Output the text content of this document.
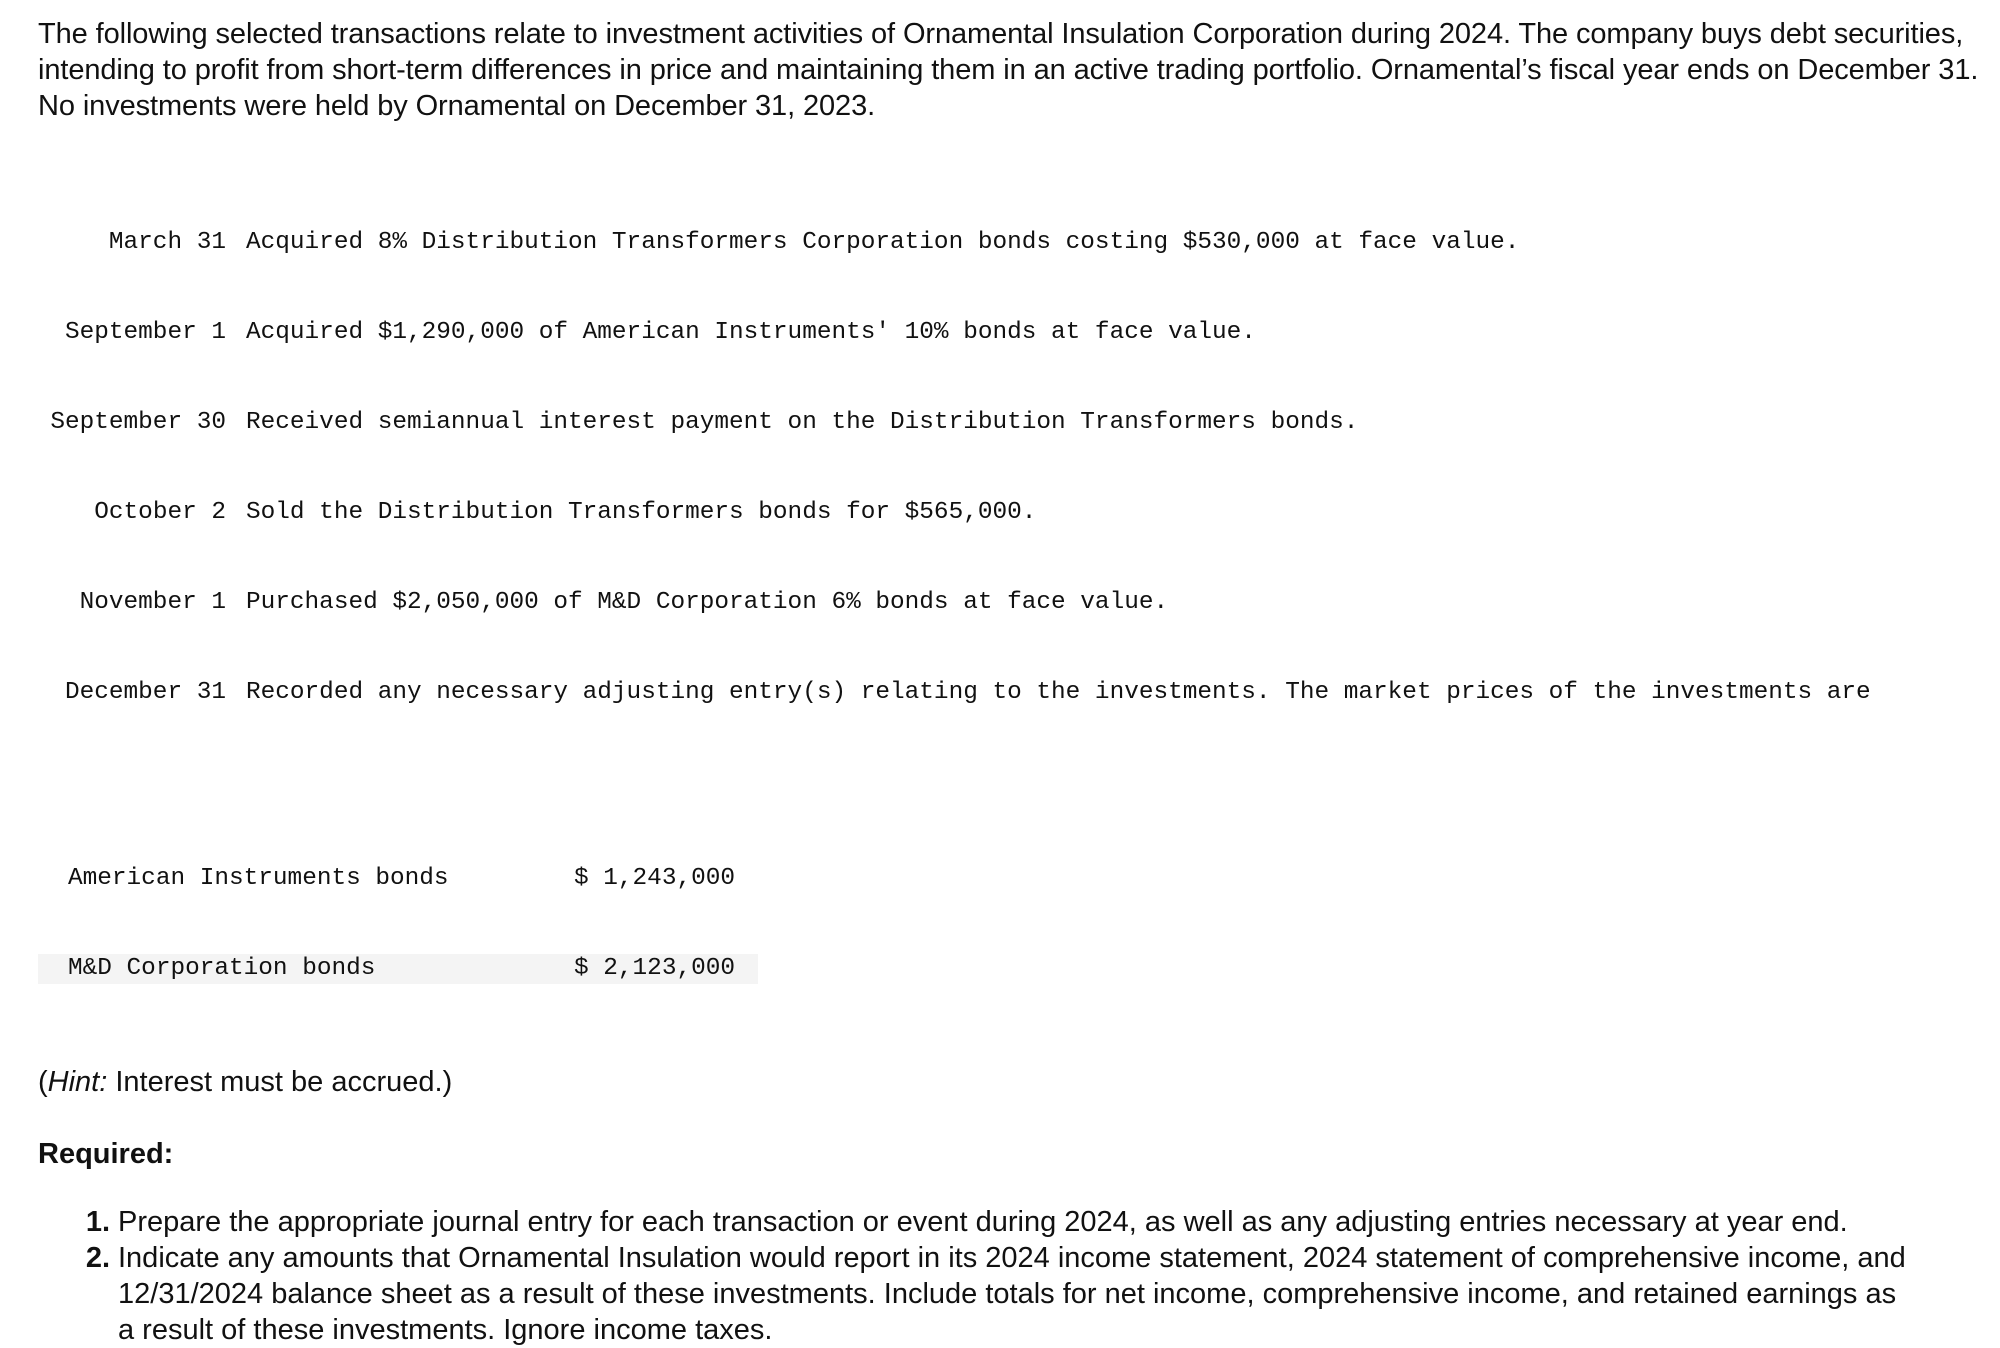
The following selected transactions relate to investment activities of Ornamental Insulation Corporation during 2024. The company buys debt securities, intending to profit from short-term differences in price and maintaining them in an active trading portfolio. Ornamental’s fiscal year ends on December 31. No investments were held by Ornamental on December 31, 2023.

March 31
Acquired 8% Distribution Transformers Corporation bonds costing $530,000 at face value.

September 1
Acquired $1,290,000 of American Instruments' 10% bonds at face value.

September 30
Received semiannual interest payment on the Distribution Transformers bonds.

October 2
Sold the Distribution Transformers bonds for $565,000.

November 1
Purchased $2,050,000 of M&D Corporation 6% bonds at face value.

December 31
Recorded any necessary adjusting entry(s) relating to the investments. The market prices of the investments are

American Instruments bonds	$ 1,243,000

M&D Corporation bonds	$ 2,123,000

(Hint: Interest must be accrued.)
Required:
1. Prepare the appropriate journal entry for each transaction or event during 2024, as well as any adjusting entries necessary at year end.
2. Indicate any amounts that Ornamental Insulation would report in its 2024 income statement, 2024 statement of comprehensive income, and 12/31/2024 balance sheet as a result of these investments. Include totals for net income, comprehensive income, and retained earnings as a result of these investments. Ignore income taxes.
